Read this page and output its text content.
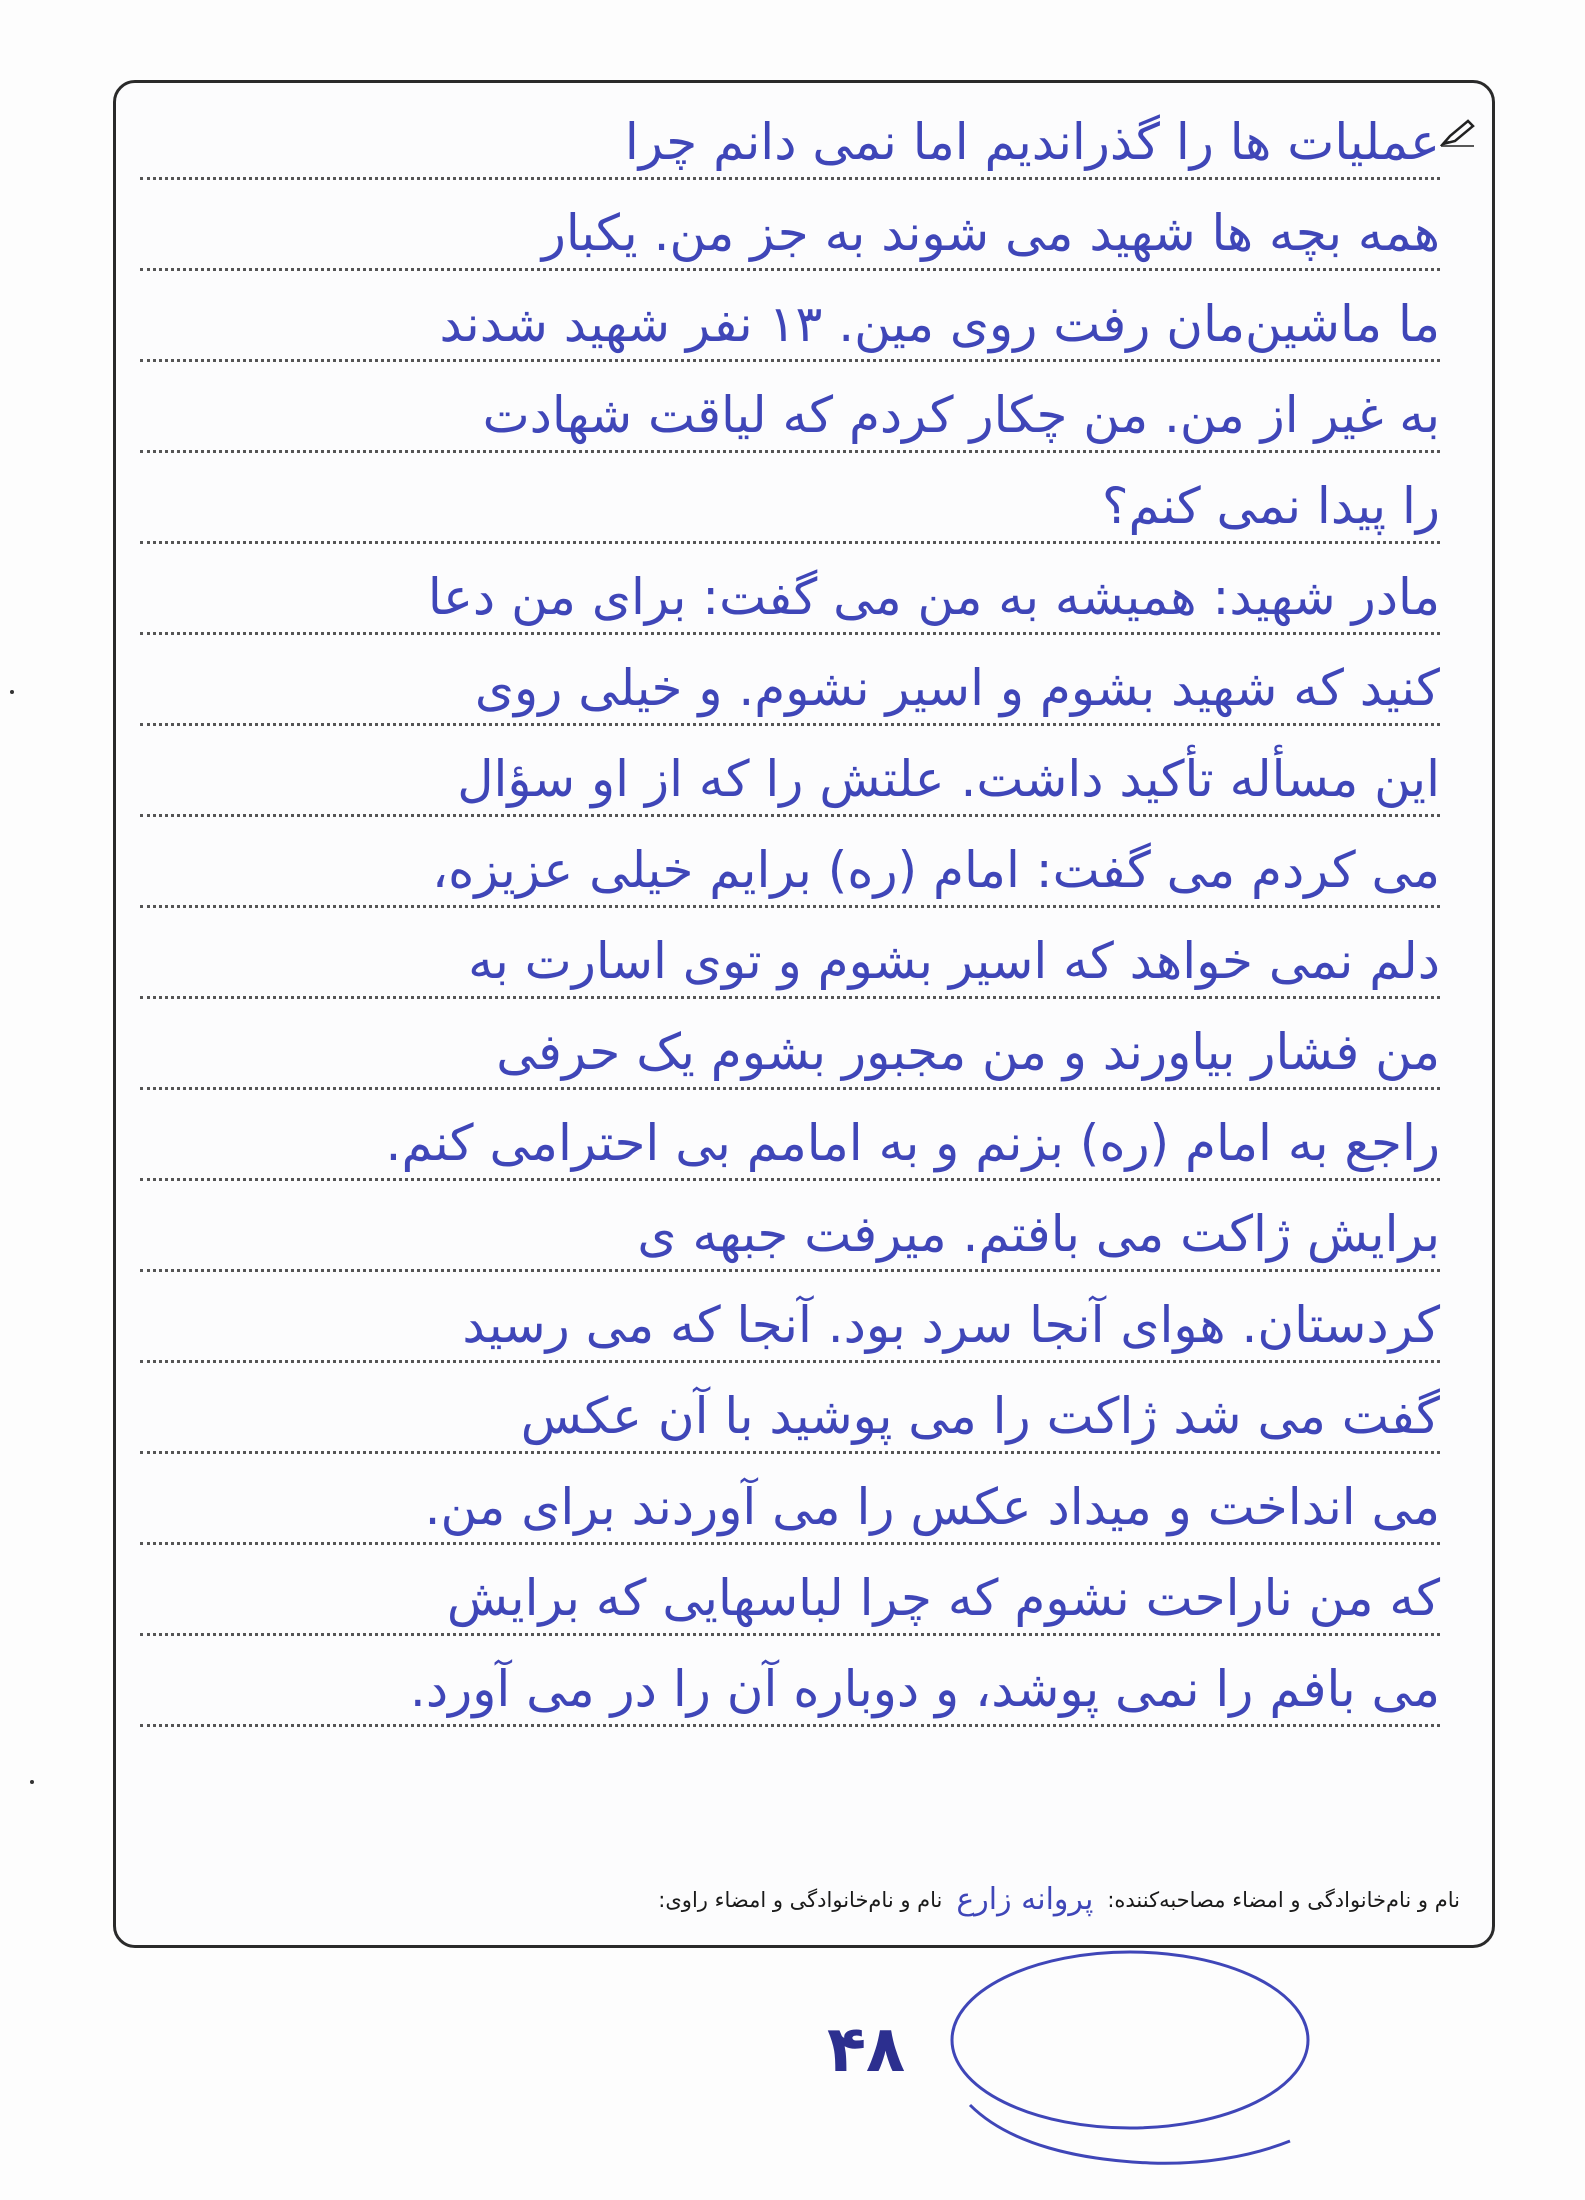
عملیات ها را گذراندیم اما نمی دانم چرا
همه بچه ها شهید می شوند به جز من. یکبار
ما ماشین‌مان رفت روی مین. ۱۳ نفر شهید شدند
به غیر از من. من چکار کردم که لیاقت شهادت
را پیدا نمی کنم؟
مادر شهید: همیشه به من می گفت: برای من دعا
کنید که شهید بشوم و اسیر نشوم. و خیلی روی
این مسأله تأکید داشت. علتش را که از او سؤال
می کردم می گفت: امام (ره) برایم خیلی عزیزه،
دلم نمی خواهد که اسیر بشوم و توی اسارت به
من فشار بیاورند و من مجبور بشوم یک حرفی
راجع به امام (ره) بزنم و به امامم بی احترامی کنم.
برایش ژاکت می بافتم. میرفت جبهه ی
کردستان. هوای آنجا سرد بود. آنجا که می رسید
گفت می شد ژاکت را می پوشید با آن عکس
می انداخت و میداد عکس را می آوردند برای من.
که من ناراحت نشوم که چرا لباسهایی که برایش
می بافم را نمی پوشد، و دوباره آن را در می آورد.
نام و نام‌خانوادگی و امضاء مصاحبه‌کننده:
پروانه زارع
نام و نام‌خانوادگی و امضاء راوی:
۴۸
